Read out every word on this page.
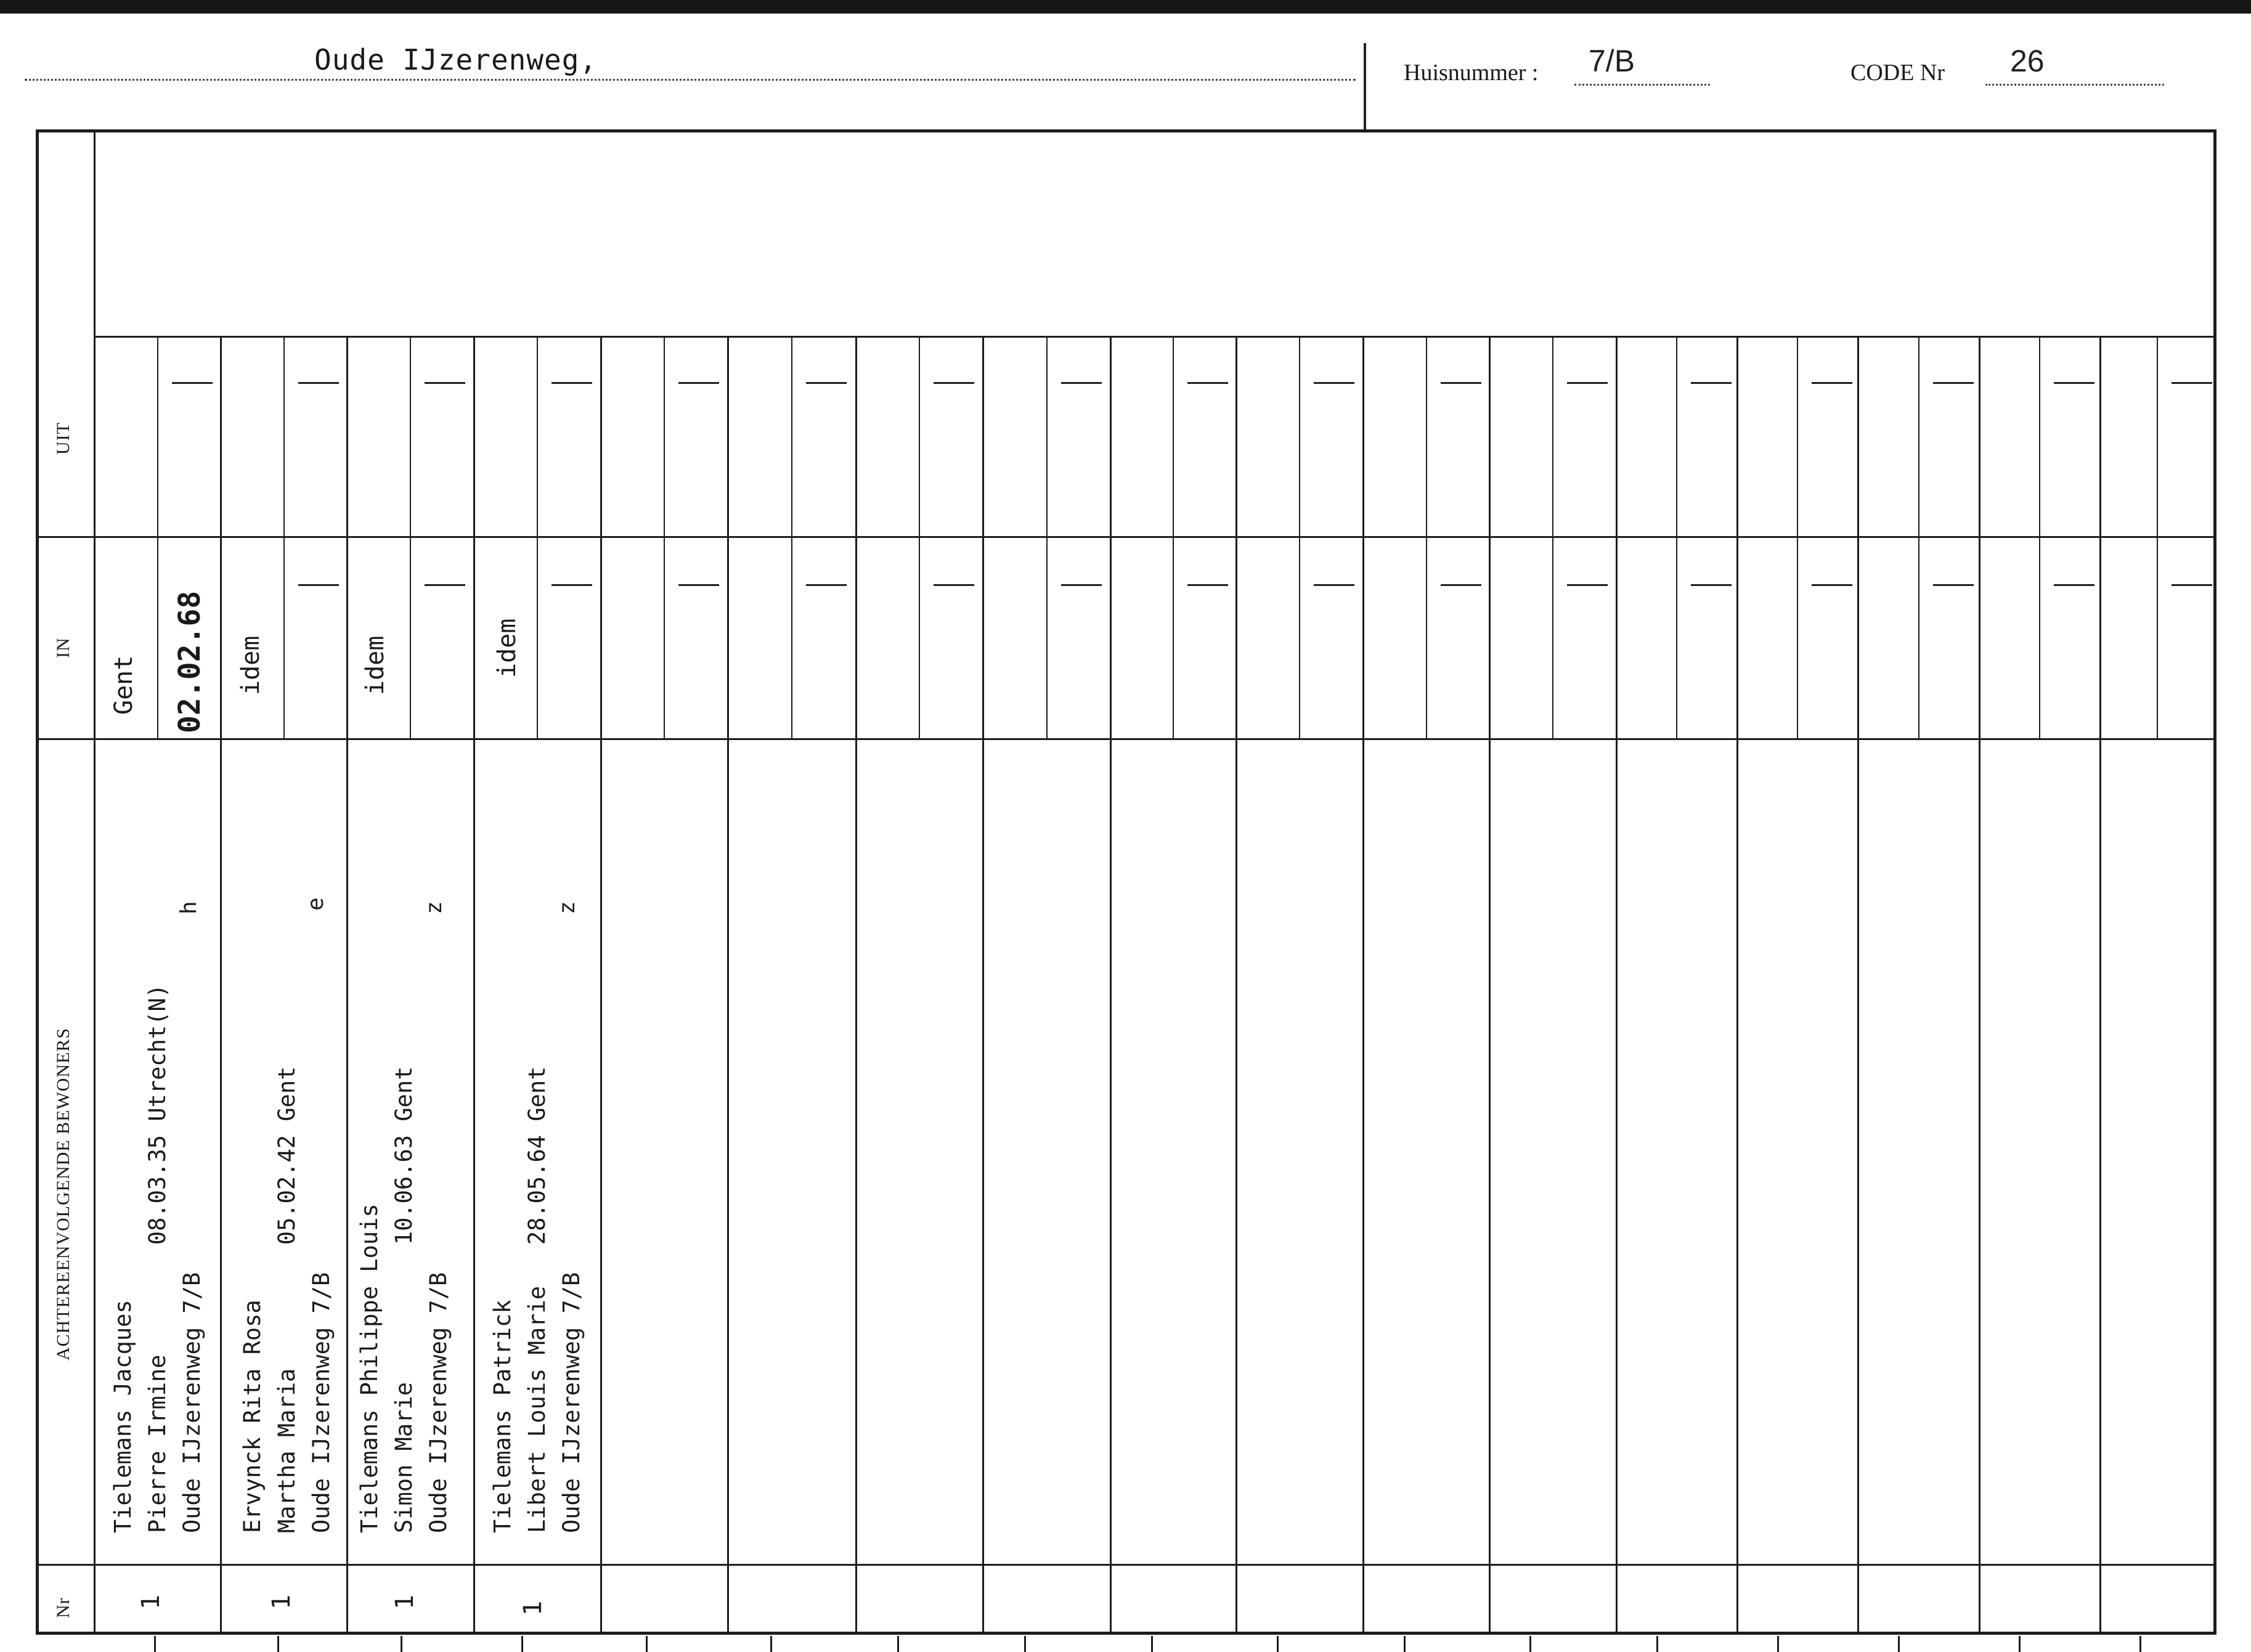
Oude IJzerenweg,	Huisnummer : 7/B	CODE Nr 26
UIT
IN
ACHTEREENVOLGENDE BEWONERS
Nr
Tielemans Jacques Pierre Irmine        08.03.35 Utrecht(N) Oude IJzerenweg 7/B
h
Gent 02.02.68
1
Ervynck Rita Rosa Martha Maria         05.02.42 Gent Oude IJzerenweg 7/B
e
idem
1
Tielemans Philippe Louis Simon Marie          10.06.63 Gent Oude IJzerenweg 7/B
z
idem
1
Tielemans Patrick Libert Louis Marie   28.05.64 Gent Oude IJzerenweg 7/B
z
idem
1
